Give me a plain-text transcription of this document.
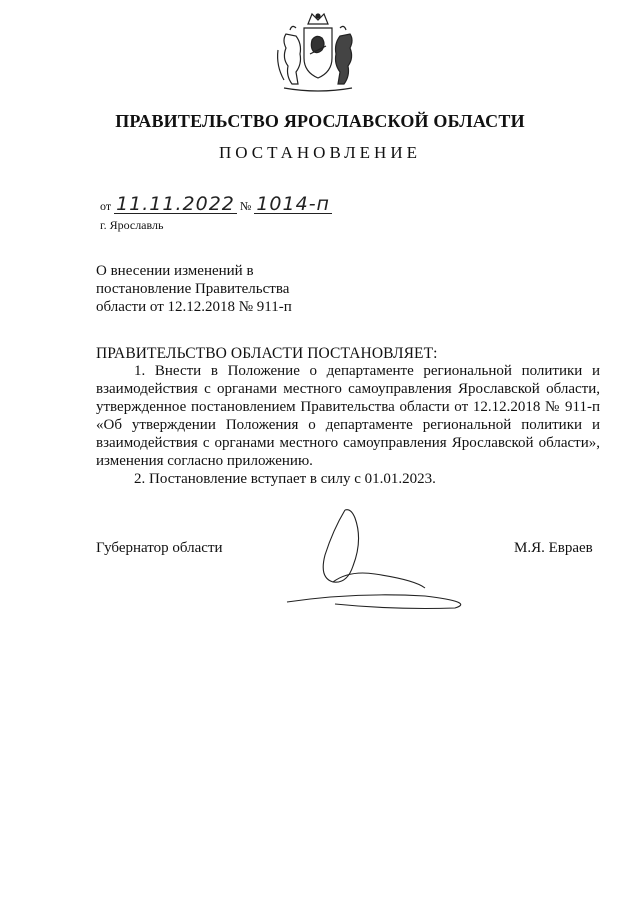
ПРАВИТЕЛЬСТВО ЯРОСЛАВСКОЙ ОБЛАСТИ
ПОСТАНОВЛЕНИЕ
от 11.11.2022 № 1014-п
г. Ярославль
О внесении изменений в
постановление Правительства
области от 12.12.2018 № 911-п
ПРАВИТЕЛЬСТВО ОБЛАСТИ ПОСТАНОВЛЯЕТ:

1. Внести в Положение о департаменте региональной политики и взаимодействия с органами местного самоуправления Ярославской области, утвержденное постановлением Правительства области от 12.12.2018 № 911-п «Об утверждении Положения о департаменте региональной политики и взаимодействия с органами местного самоуправления Ярославской области», изменения согласно приложению.

2. Постановление вступает в силу с 01.01.2023.

Губернатор области	М.Я. Евраев
